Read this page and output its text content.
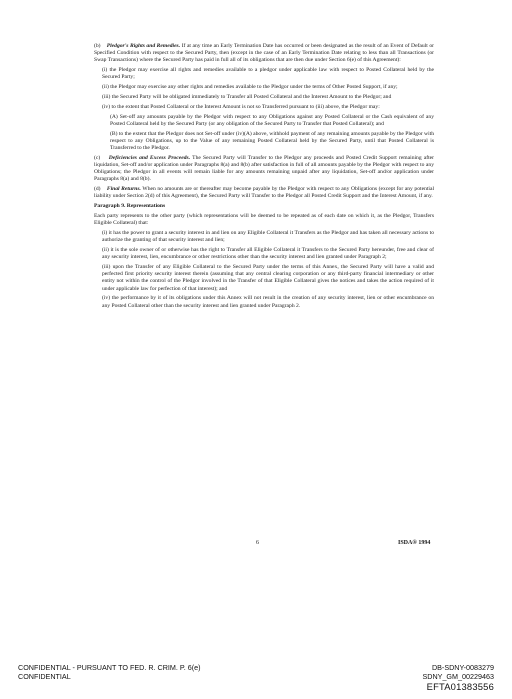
(b) Pledgor's Rights and Remedies. If at any time an Early Termination Date has occurred or been designated as the result of an Event of Default or Specified Condition with respect to the Secured Party, then (except in the case of an Early Termination Date relating to less than all Transactions (or Swap Transactions) where the Secured Party has paid in full all of its obligations that are then due under Section 6(e) of this Agreement):

(i) the Pledgor may exercise all rights and remedies available to a pledgor under applicable law with respect to Posted Collateral held by the Secured Party;

(ii) the Pledgor may exercise any other rights and remedies available to the Pledgor under the terms of Other Posted Support, if any;

(iii) the Secured Party will be obligated immediately to Transfer all Posted Collateral and the Interest Amount to the Pledgor; and

(iv) to the extent that Posted Collateral or the Interest Amount is not so Transferred pursuant to (iii) above, the Pledgor may:

(A) Set-off any amounts payable by the Pledgor with respect to any Obligations against any Posted Collateral or the Cash equivalent of any Posted Collateral held by the Secured Party (or any obligation of the Secured Party to Transfer that Posted Collateral); and

(B) to the extent that the Pledgor does not Set-off under (iv)(A) above, withhold payment of any remaining amounts payable by the Pledgor with respect to any Obligations, up to the Value of any remaining Posted Collateral held by the Secured Party, until that Posted Collateral is Transferred to the Pledgor.

(c) Deficiencies and Excess Proceeds. The Secured Party will Transfer to the Pledgor any proceeds and Posted Credit Support remaining after liquidation, Set-off and/or application under Paragraphs 8(a) and 8(b) after satisfaction in full of all amounts payable by the Pledgor with respect to any Obligations; the Pledgor in all events will remain liable for any amounts remaining unpaid after any liquidation, Set-off and/or application under Paragraphs 8(a) and 8(b).

(d) Final Returns. When no amounts are or thereafter may become payable by the Pledgor with respect to any Obligations (except for any potential liability under Section 2(d) of this Agreement), the Secured Party will Transfer to the Pledgor all Posted Credit Support and the Interest Amount, if any.

Paragraph 9. Representations

Each party represents to the other party (which representations will be deemed to be repeated as of each date on which it, as the Pledgor, Transfers Eligible Collateral) that:

(i) it has the power to grant a security interest in and lien on any Eligible Collateral it Transfers as the Pledgor and has taken all necessary actions to authorize the granting of that security interest and lien;

(ii) it is the sole owner of or otherwise has the right to Transfer all Eligible Collateral it Transfers to the Secured Party hereunder, free and clear of any security interest, lien, encumbrance or other restrictions other than the security interest and lien granted under Paragraph 2;

(iii) upon the Transfer of any Eligible Collateral to the Secured Party under the terms of this Annex, the Secured Party will have a valid and perfected first priority security interest therein (assuming that any central clearing corporation or any third-party financial intermediary or other entity not within the control of the Pledgor involved in the Transfer of that Eligible Collateral gives the notices and takes the action required of it under applicable law for perfection of that interest); and

(iv) the performance by it of its obligations under this Annex will not result in the creation of any security interest, lien or other encumbrance on any Posted Collateral other than the security interest and lien granted under Paragraph 2.

6	ISDA® 1994
CONFIDENTIAL - PURSUANT TO FED. R. CRIM. P. 6(e)
CONFIDENTIAL
DB-SDNY-0083279
SDNY_GM_00229463
EFTA01383556
